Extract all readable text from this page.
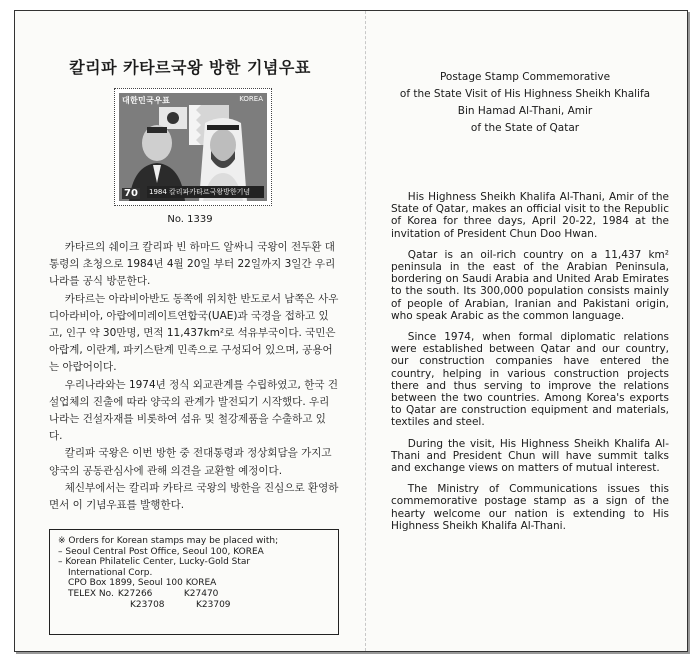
칼리파 카타르국왕 방한 기념우표
대한민국우표	KOREA
70 1984 칼리파카타르국왕방한기념
No. 1339

카타르의 쉐이크 칼리파 빈 하마드 알싸니 국왕이 전두환 대통령의 초청으로 1984년 4월 20일 부터 22일까지 3일간 우리나라를 공식 방문한다.

카타르는 아라비아반도 동쪽에 위치한 반도로서 남쪽은 사우디아라비아, 아랍에미레이트연합국(UAE)과 국경을 접하고 있고, 인구 약 30만명, 면적 11,437km²로 석유부국이다. 국민은 아랍계, 이란계, 파키스탄계 민족으로 구성되어 있으며, 공용어는 아랍어이다.

우리나라와는 1974년 정식 외교관계를 수립하였고, 한국 건설업체의 진출에 따라 양국의 관계가 발전되기 시작했다. 우리나라는 건설자재를 비롯하여 섬유 및 철강제품을 수출하고 있다.

칼리파 국왕은 이번 방한 중 전대통령과 정상회담을 가지고 양국의 공동관심사에 관해 의견을 교환할 예정이다.

체신부에서는 칼리파 카타르 국왕의 방한을 진심으로 환영하면서 이 기념우표를 발행한다.

※ Orders for Korean stamps may be placed with;
– Seoul Central Post Office, Seoul 100, KOREA
– Korean Philatelic Center, Lucky-Gold Star
International Corp.
CPO Box 1899, Seoul 100 KOREA
TELEX No. K27266	K27470
K23708	K23709
Postage Stamp Commemorative
of the State Visit of His Highness Sheikh Khalifa
Bin Hamad Al-Thani, Amir
of the State of Qatar

His Highness Sheikh Khalifa Al-Thani, Amir of the State of Qatar, makes an official visit to the Republic of Korea for three days, April 20-22, 1984 at the invitation of President Chun Doo Hwan.

Qatar is an oil-rich country on a 11,437 km² peninsula in the east of the Arabian Peninsula, bordering on Saudi Arabia and United Arab Emirates to the south. Its 300,000 population consists mainly of people of Arabian, Iranian and Pakistani origin, who speak Arabic as the common language.

Since 1974, when formal diplomatic relations were established between Qatar and our country, our construction companies have entered the country, helping in various construction projects there and thus serving to improve the relations between the two countries. Among Korea's exports to Qatar are construction equipment and materials, textiles and steel.

During the visit, His Highness Sheikh Khalifa Al-Thani and President Chun will have summit talks and exchange views on matters of mutual interest.

The Ministry of Communications issues this commemorative postage stamp as a sign of the hearty welcome our nation is extending to His Highness Sheikh Khalifa Al-Thani.
